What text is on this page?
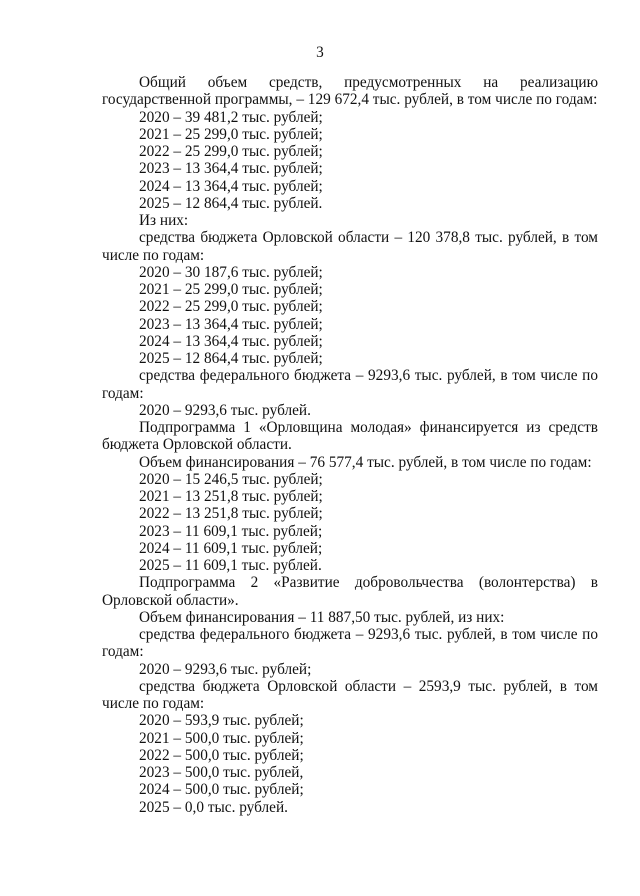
3

Общий объем средств, предусмотренных на реализацию государственной программы, – 129 672,4 тыс. рублей, в том числе по годам:

2020 – 39 481,2 тыс. рублей;

2021 – 25 299,0 тыс. рублей;

2022 – 25 299,0 тыс. рублей;

2023 – 13 364,4 тыс. рублей;

2024 – 13 364,4 тыс. рублей;

2025 – 12 864,4 тыс. рублей.

Из них:

средства бюджета Орловской области – 120 378,8 тыс. рублей, в том числе по годам:

2020 – 30 187,6 тыс. рублей;

2021 – 25 299,0 тыс. рублей;

2022 – 25 299,0 тыс. рублей;

2023 – 13 364,4 тыс. рублей;

2024 – 13 364,4 тыс. рублей;

2025 – 12 864,4 тыс. рублей;

средства федерального бюджета – 9293,6 тыс. рублей, в том числе по годам:

2020 – 9293,6 тыс. рублей.

Подпрограмма 1 «Орловщина молодая» финансируется из средств бюджета Орловской области.

Объем финансирования – 76 577,4 тыс. рублей, в том числе по годам:

2020 – 15 246,5 тыс. рублей;

2021 – 13 251,8 тыс. рублей;

2022 – 13 251,8 тыс. рублей;

2023 – 11 609,1 тыс. рублей;

2024 – 11 609,1 тыс. рублей;

2025 – 11 609,1 тыс. рублей.

Подпрограмма 2 «Развитие добровольчества (волонтерства) в Орловской области».

Объем финансирования – 11 887,50 тыс. рублей, из них:

средства федерального бюджета – 9293,6 тыс. рублей, в том числе по годам:

2020 – 9293,6 тыс. рублей;

средства бюджета Орловской области – 2593,9 тыс. рублей, в том числе по годам:

2020 – 593,9 тыс. рублей;

2021 – 500,0 тыс. рублей;

2022 – 500,0 тыс. рублей;

2023 – 500,0 тыс. рублей,

2024 – 500,0 тыс. рублей;

2025 – 0,0 тыс. рублей.
